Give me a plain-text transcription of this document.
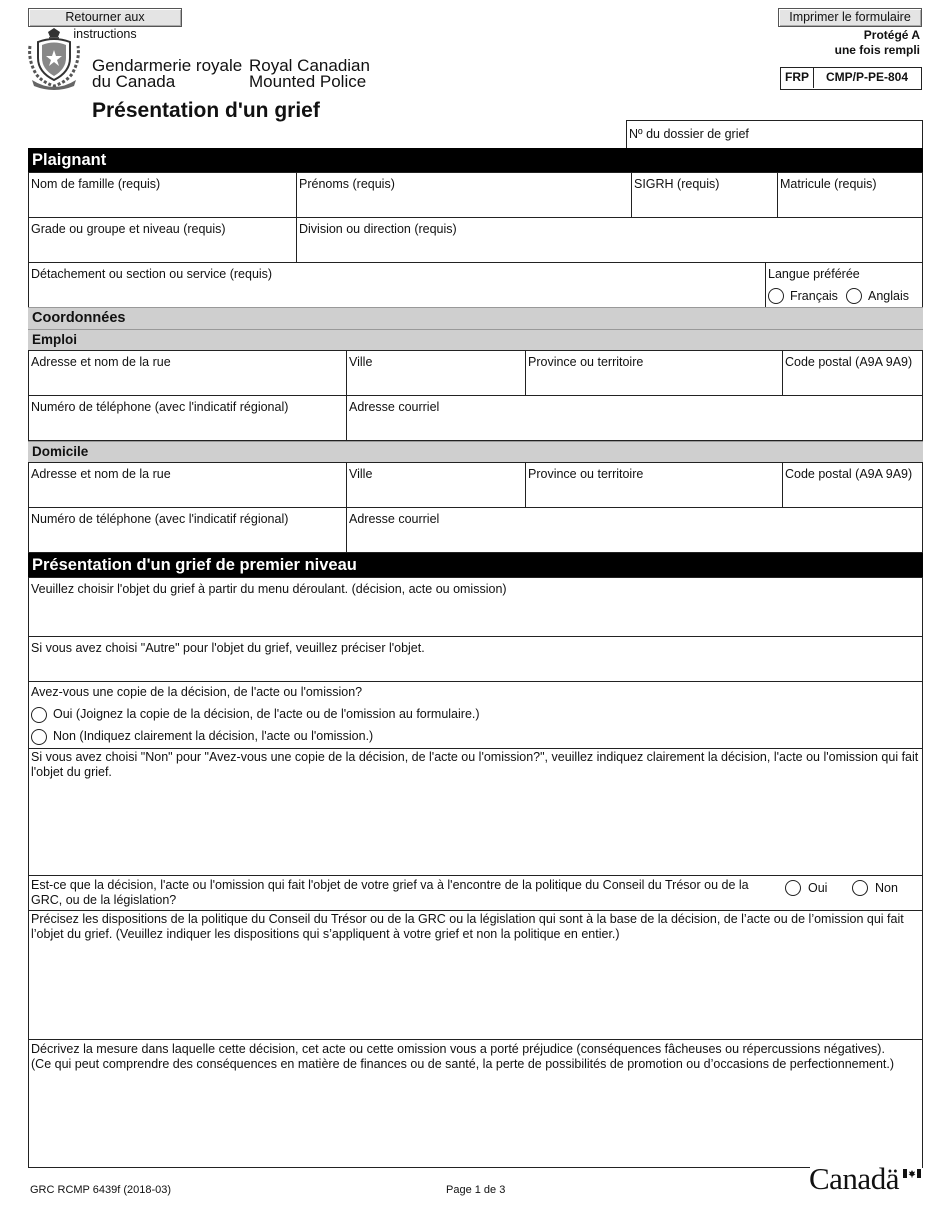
Retourner aux instructions
Imprimer le formulaire
Protégé A
une fois rempli
FRP	CMP/P-PE-804
Gendarmerie royale
du Canada
Royal Canadian
Mounted Police
Présentation d'un grief
Nº du dossier de grief
Plaignant
Nom de famille (requis)	Prénoms (requis)	SIGRH (requis)	Matricule (requis)
Grade ou groupe et niveau (requis)	Division ou direction (requis)
Détachement ou section ou service (requis)	Langue préférée
Français Anglais
Coordonnées
Emploi
Adresse et nom de la rue	Ville	Province ou territoire	Code postal (A9A 9A9)
Numéro de téléphone (avec l'indicatif régional)	Adresse courriel
Domicile
Adresse et nom de la rue	Ville	Province ou territoire	Code postal (A9A 9A9)
Numéro de téléphone (avec l'indicatif régional)	Adresse courriel
Présentation d'un grief de premier niveau
Veuillez choisir l'objet du grief à partir du menu déroulant. (décision, acte ou omission)
Si vous avez choisi "Autre" pour l'objet du grief, veuillez préciser l'objet.
Avez-vous une copie de la décision, de l'acte ou l'omission?
Oui (Joignez la copie de la décision, de l'acte ou de l'omission au formulaire.)
Non (Indiquez clairement la décision, l'acte ou l'omission.)
Si vous avez choisi "Non" pour "Avez-vous une copie de la décision, de l'acte ou l'omission?", veuillez indiquez clairement la décision, l'acte ou l'omission qui fait l'objet du grief.
Est-ce que la décision, l'acte ou l'omission qui fait l'objet de votre grief va à l'encontre de la politique du Conseil du Trésor ou de la GRC, ou de la législation?
Oui	Non
Précisez les dispositions de la politique du Conseil du Trésor ou de la GRC ou la législation qui sont à la base de la décision, de l’acte ou de l’omission qui fait l’objet du grief. (Veuillez indiquer les dispositions qui s’appliquent à votre grief et non la politique en entier.)
Décrivez la mesure dans laquelle cette décision, cet acte ou cette omission vous a porté préjudice (conséquences fâcheuses ou répercussions négatives).
(Ce qui peut comprendre des conséquences en matière de finances ou de santé, la perte de possibilités de promotion ou d’occasions de perfectionnement.)
GRC RCMP 6439f (2018-03)	Page 1 de 3	Canadä
